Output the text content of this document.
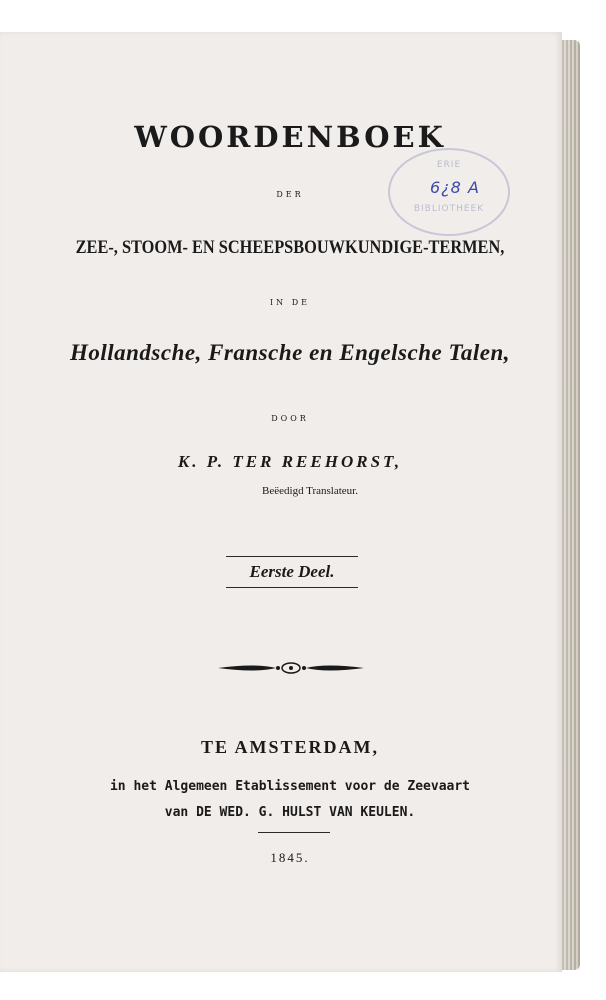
ERIE
BIBLIOTHEEK
6¿8 A
WOORDENBOEK
DER
ZEE-, STOOM- EN SCHEEPSBOUWKUNDIGE-TERMEN,
IN DE
Hollandsche, Fransche en Engelsche Talen,
DOOR
K. P. TER REEHORST,
Beëedigd Translateur.
Eerste Deel.
TE AMSTERDAM,
in het Algemeen Etablissement voor de Zeevaart
van DE WED. G. HULST VAN KEULEN.
1845.
